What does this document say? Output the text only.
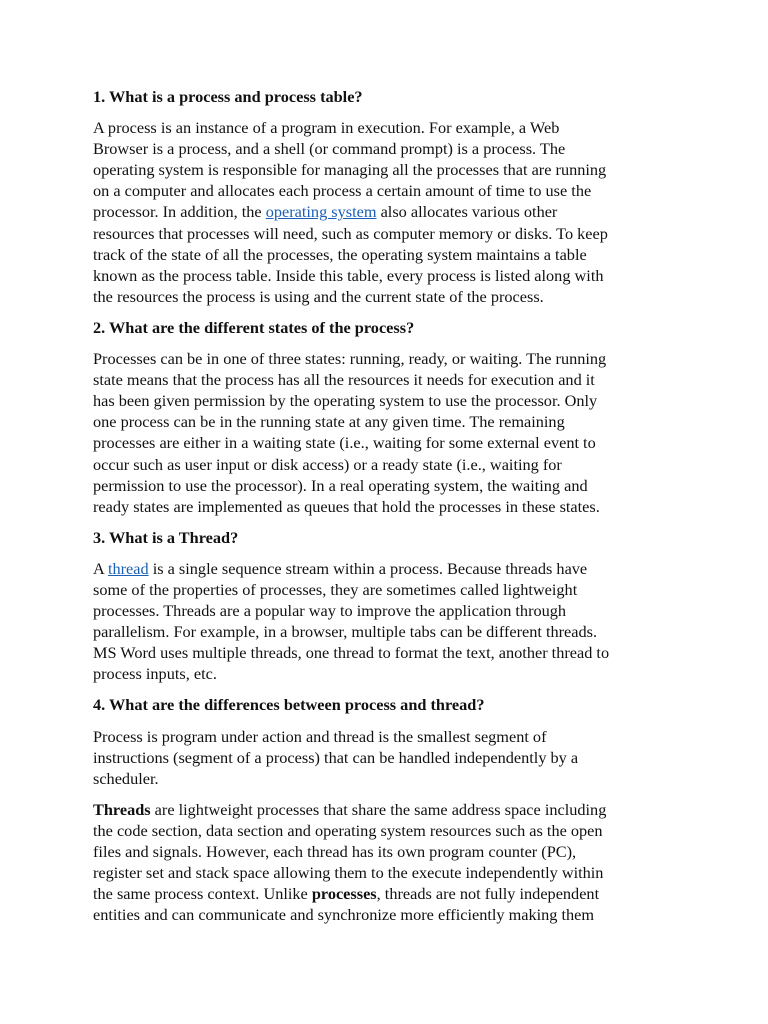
1. What is a process and process table?
A process is an instance of a program in execution. For example, a Web
Browser is a process, and a shell (or command prompt) is a process. The
operating system is responsible for managing all the processes that are running
on a computer and allocates each process a certain amount of time to use the
processor. In addition, the operating system also allocates various other
resources that processes will need, such as computer memory or disks. To keep
track of the state of all the processes, the operating system maintains a table
known as the process table. Inside this table, every process is listed along with
the resources the process is using and the current state of the process.
2. What are the different states of the process?
Processes can be in one of three states: running, ready, or waiting. The running
state means that the process has all the resources it needs for execution and it
has been given permission by the operating system to use the processor. Only
one process can be in the running state at any given time. The remaining
processes are either in a waiting state (i.e., waiting for some external event to
occur such as user input or disk access) or a ready state (i.e., waiting for
permission to use the processor). In a real operating system, the waiting and
ready states are implemented as queues that hold the processes in these states.
3. What is a Thread?
A thread is a single sequence stream within a process. Because threads have
some of the properties of processes, they are sometimes called lightweight
processes. Threads are a popular way to improve the application through
parallelism. For example, in a browser, multiple tabs can be different threads.
MS Word uses multiple threads, one thread to format the text, another thread to
process inputs, etc.
4. What are the differences between process and thread?
Process is program under action and thread is the smallest segment of
instructions (segment of a process) that can be handled independently by a
scheduler.
Threads are lightweight processes that share the same address space including
the code section, data section and operating system resources such as the open
files and signals. However, each thread has its own program counter (PC),
register set and stack space allowing them to the execute independently within
the same process context. Unlike processes, threads are not fully independent
entities and can communicate and synchronize more efficiently making them
